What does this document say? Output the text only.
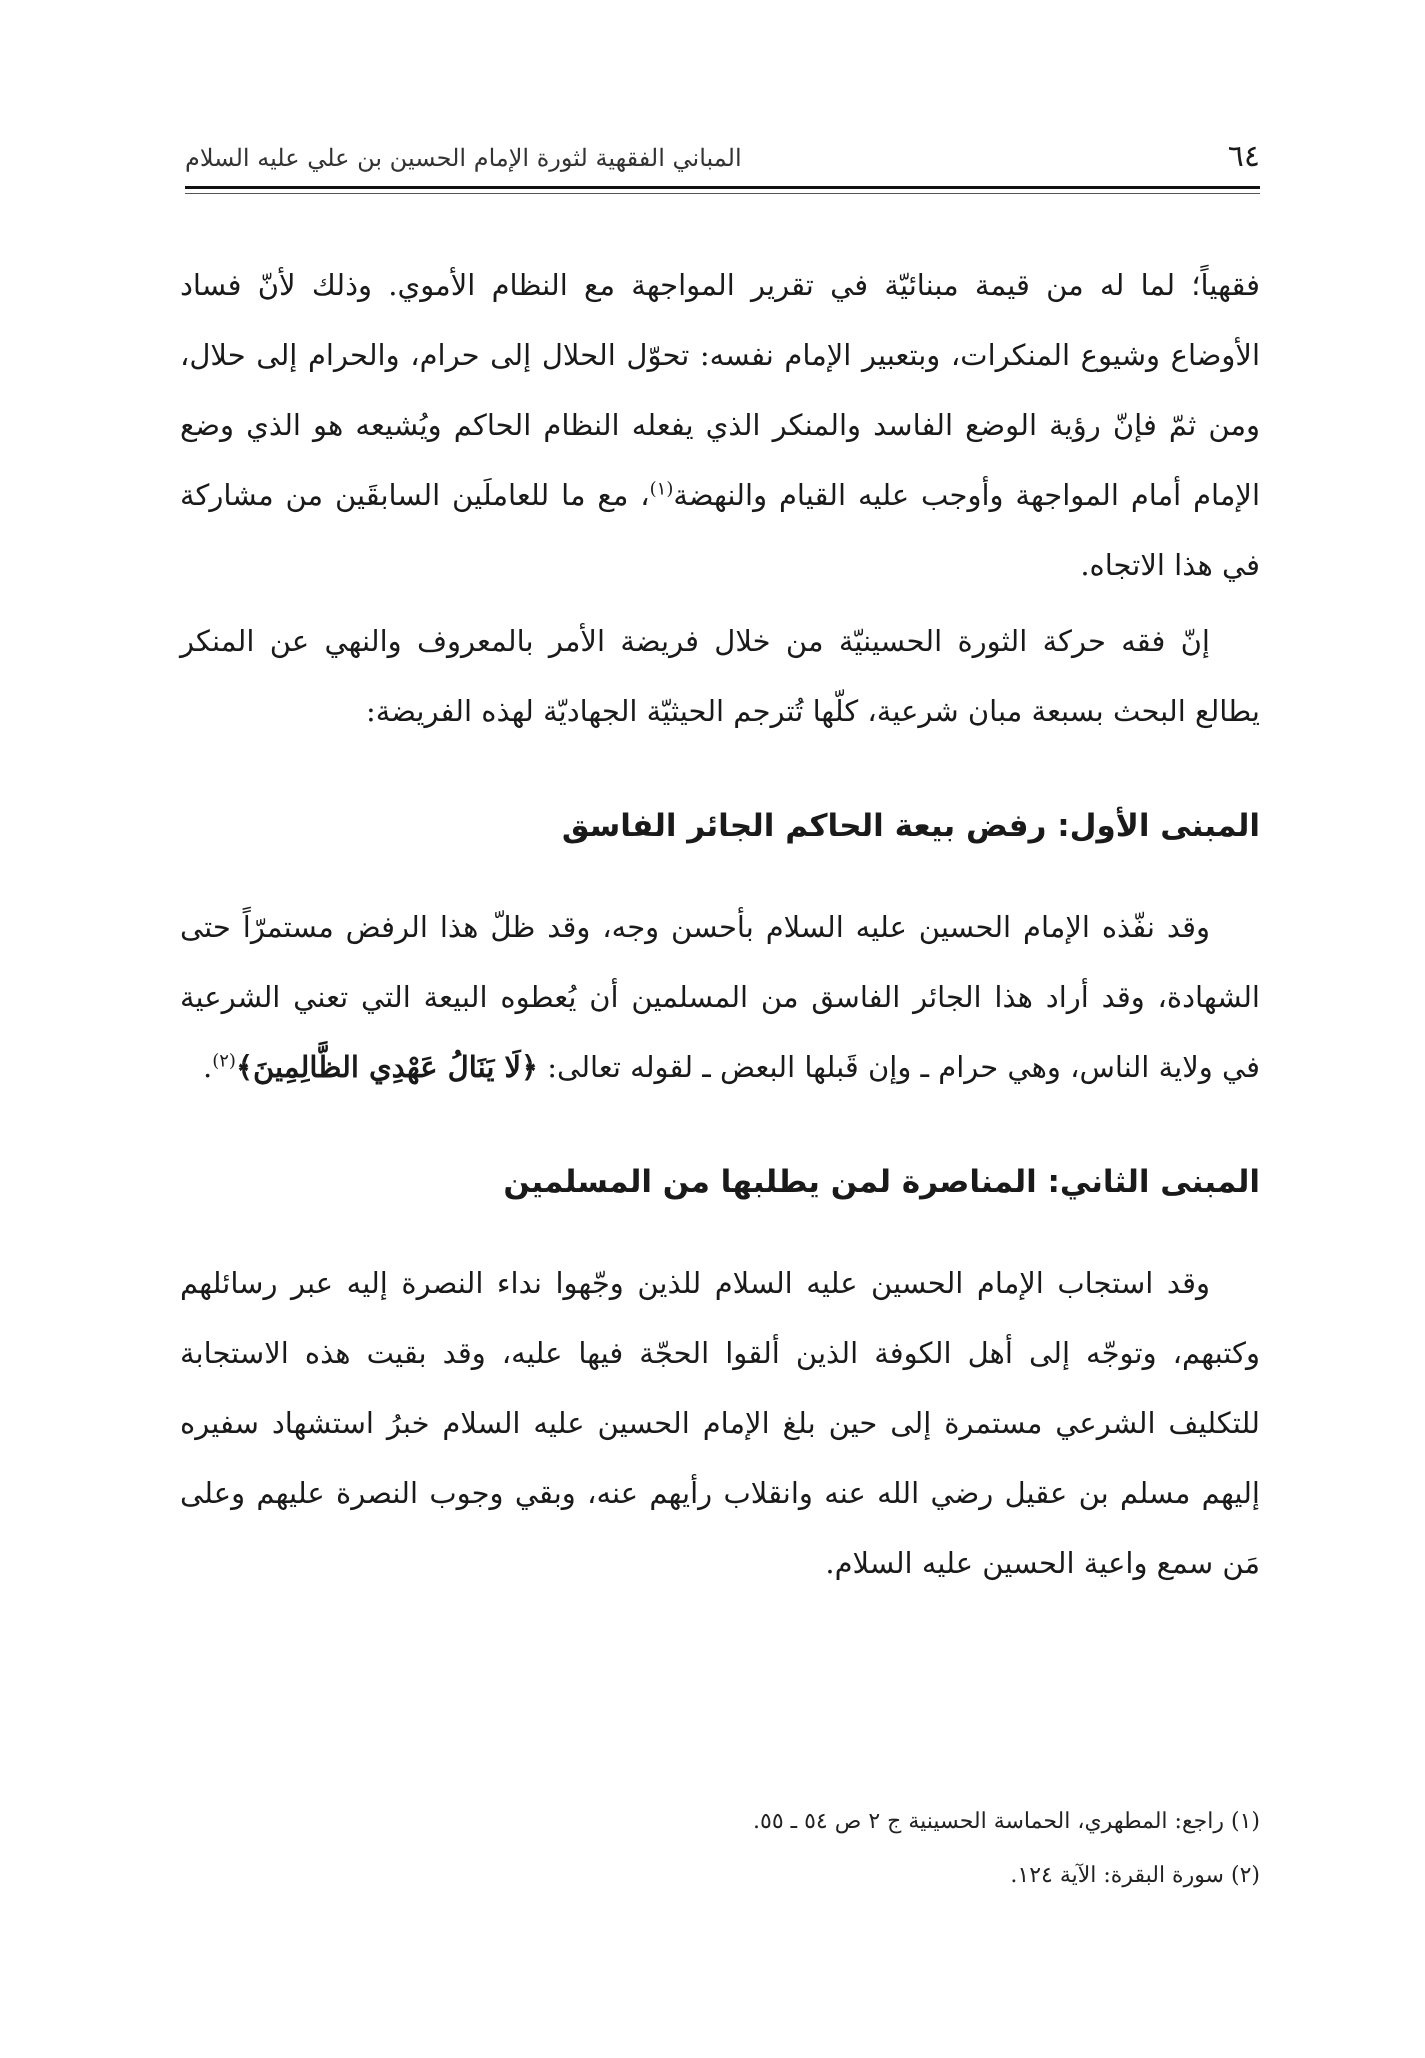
٦٤
المباني الفقهية لثورة الإمام الحسين بن علي عليه السلام

فقهياً؛ لما له من قيمة مبنائيّة في تقرير المواجهة مع النظام الأموي. وذلك لأنّ فساد الأوضاع وشيوع المنكرات، وبتعبير الإمام نفسه: تحوّل الحلال إلى حرام، والحرام إلى حلال، ومن ثمّ فإنّ رؤية الوضع الفاسد والمنكر الذي يفعله النظام الحاكم ويُشيعه هو الذي وضع الإمام أمام المواجهة وأوجب عليه القيام والنهضة$^{(١)}$، مع ما للعاملَين السابقَين من مشاركة في هذا الاتجاه.

إنّ فقه حركة الثورة الحسينيّة من خلال فريضة الأمر بالمعروف والنهي عن المنكر يطالع البحث بسبعة مبان شرعية، كلّها تُترجم الحيثيّة الجهاديّة لهذه الفريضة:

المبنى الأول: رفض بيعة الحاكم الجائر الفاسق

وقد نفّذه الإمام الحسين عليه السلام بأحسن وجه، وقد ظلّ هذا الرفض مستمرّاً حتى الشهادة، وقد أراد هذا الجائر الفاسق من المسلمين أن يُعطوه البيعة التي تعني الشرعية في ولاية الناس، وهي حرام ـ وإن قَبلها البعض ـ لقوله تعالى: ﴿لَا يَنَالُ عَهْدِي الظَّالِمِينَ﴾$^{(٢)}$.

المبنى الثاني: المناصرة لمن يطلبها من المسلمين

وقد استجاب الإمام الحسين عليه السلام للذين وجّهوا نداء النصرة إليه عبر رسائلهم وكتبهم، وتوجّه إلى أهل الكوفة الذين ألقوا الحجّة فيها عليه، وقد بقيت هذه الاستجابة للتكليف الشرعي مستمرة إلى حين بلغ الإمام الحسين عليه السلام خبرُ استشهاد سفيره إليهم مسلم بن عقيل رضي الله عنه وانقلاب رأيهم عنه، وبقي وجوب النصرة عليهم وعلى مَن سمع واعية الحسين عليه السلام.

(١) راجع: المطهري، الحماسة الحسينية ج ٢ ص ٥٤ ـ ٥٥.

(٢) سورة البقرة: الآية ١٢٤.
